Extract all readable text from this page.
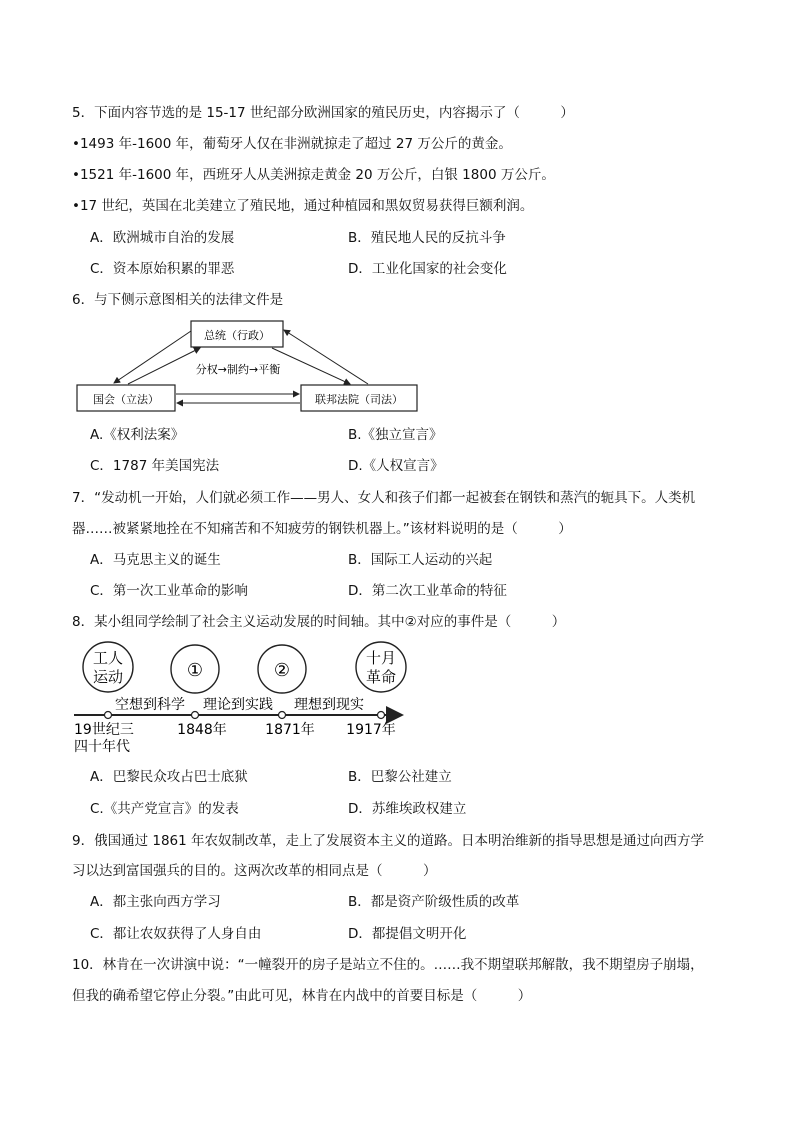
5．下面内容节选的是 15-17 世纪部分欧洲国家的殖民历史，内容揭示了（　　　）
•1493 年-1600 年，葡萄牙人仅在非洲就掠走了超过 27 万公斤的黄金。
•1521 年-1600 年，西班牙人从美洲掠走黄金 20 万公斤，白银 1800 万公斤。
•17 世纪，英国在北美建立了殖民地，通过种植园和黑奴贸易获得巨额利润。
A．欧洲城市自治的发展	B．殖民地人民的反抗斗争
C．资本原始积累的罪恶	D．工业化国家的社会变化
6．与下侧示意图相关的法律文件是
总统（行政）
国会（立法）	联邦法院（司法）
分权→制约→平衡
A.《权利法案》	B.《独立宣言》
C．1787 年美国宪法	D.《人权宣言》
7．“发动机一开始，人们就必须工作——男人、女人和孩子们都一起被套在钢铁和蒸汽的轭具下。人类机
器……被紧紧地拴在不知痛苦和不知疲劳的钢铁机器上。”该材料说明的是（　　　）
A．马克思主义的诞生	B．国际工人运动的兴起
C．第一次工业革命的影响	D．第二次工业革命的特征
8．某小组同学绘制了社会主义运动发展的时间轴。其中②对应的事件是（　　　）
工人
运动	①	②
十月
革命
空想到科学 理论到实践 理想到现实
19世纪三
四十年代
1848年	1871年 1917年
A．巴黎民众攻占巴士底狱	B．巴黎公社建立
C.《共产党宣言》的发表	D．苏维埃政权建立
9．俄国通过 1861 年农奴制改革，走上了发展资本主义的道路。日本明治维新的指导思想是通过向西方学
习以达到富国强兵的目的。这两次改革的相同点是（　　　）
A．都主张向西方学习	B．都是资产阶级性质的改革
C．都让农奴获得了人身自由	D．都提倡文明开化
10．林肯在一次讲演中说：“一幢裂开的房子是站立不住的。……我不期望联邦解散，我不期望房子崩塌，
但我的确希望它停止分裂。”由此可见，林肯在内战中的首要目标是（　　　）
